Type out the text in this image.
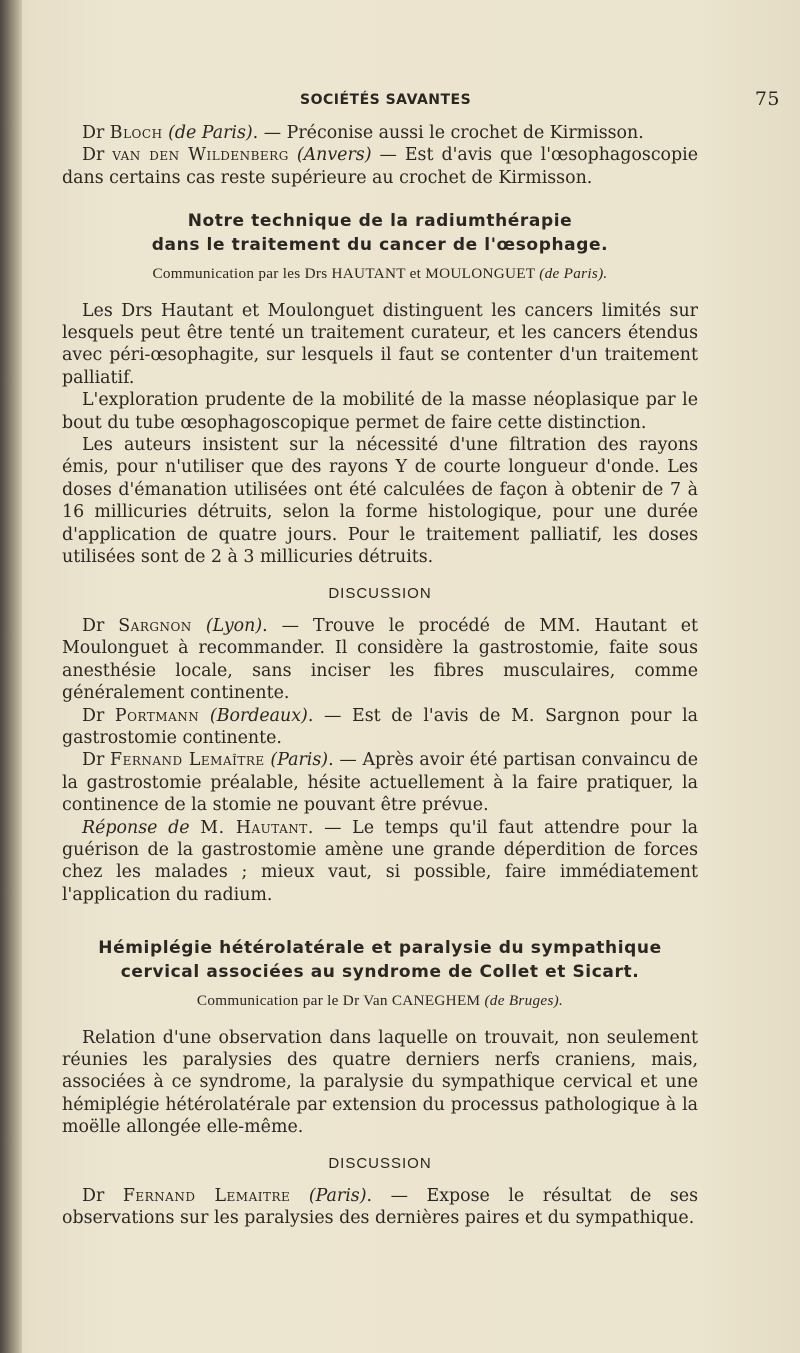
SOCIÉTÉS SAVANTES	75

Dr Bloch (de Paris). — Préconise aussi le crochet de Kirmisson.

Dr van den Wildenberg (Anvers) — Est d'avis que l'œsophagoscopie dans certains cas reste supérieure au crochet de Kirmisson.

Notre technique de la radiumthérapie
dans le traitement du cancer de l'œsophage.
Communication par les Drs HAUTANT et MOULONGUET (de Paris).

Les Drs Hautant et Moulonguet distinguent les cancers limités sur lesquels peut être tenté un traitement curateur, et les cancers étendus avec péri-œsophagite, sur lesquels il faut se contenter d'un traitement palliatif.

L'exploration prudente de la mobilité de la masse néoplasique par le bout du tube œsophagoscopique permet de faire cette distinction.

Les auteurs insistent sur la nécessité d'une filtration des rayons émis, pour n'utiliser que des rayons Y de courte longueur d'onde. Les doses d'émanation utilisées ont été calculées de façon à obtenir de 7 à 16 millicuries détruits, selon la forme histologique, pour une durée d'application de quatre jours. Pour le traitement palliatif, les doses utilisées sont de 2 à 3 millicuries détruits.

DISCUSSION

Dr Sargnon (Lyon). — Trouve le procédé de MM. Hautant et Moulonguet à recommander. Il considère la gastrostomie, faite sous anesthésie locale, sans inciser les fibres musculaires, comme généralement continente.

Dr Portmann (Bordeaux). — Est de l'avis de M. Sargnon pour la gastrostomie continente.

Dr Fernand Lemaître (Paris). — Après avoir été partisan convaincu de la gastrostomie préalable, hésite actuellement à la faire pratiquer, la continence de la stomie ne pouvant être prévue.

Réponse de M. Hautant. — Le temps qu'il faut attendre pour la guérison de la gastrostomie amène une grande déperdition de forces chez les malades ; mieux vaut, si possible, faire immédiatement l'application du radium.

Hémiplégie hétérolatérale et paralysie du sympathique
cervical associées au syndrome de Collet et Sicart.
Communication par le Dr Van CANEGHEM (de Bruges).

Relation d'une observation dans laquelle on trouvait, non seulement réunies les paralysies des quatre derniers nerfs craniens, mais, associées à ce syndrome, la paralysie du sympathique cervical et une hémiplégie hétérolatérale par extension du processus pathologique à la moëlle allongée elle-même.

DISCUSSION

Dr Fernand Lemaitre (Paris). — Expose le résultat de ses observations sur les paralysies des dernières paires et du sympathique.
